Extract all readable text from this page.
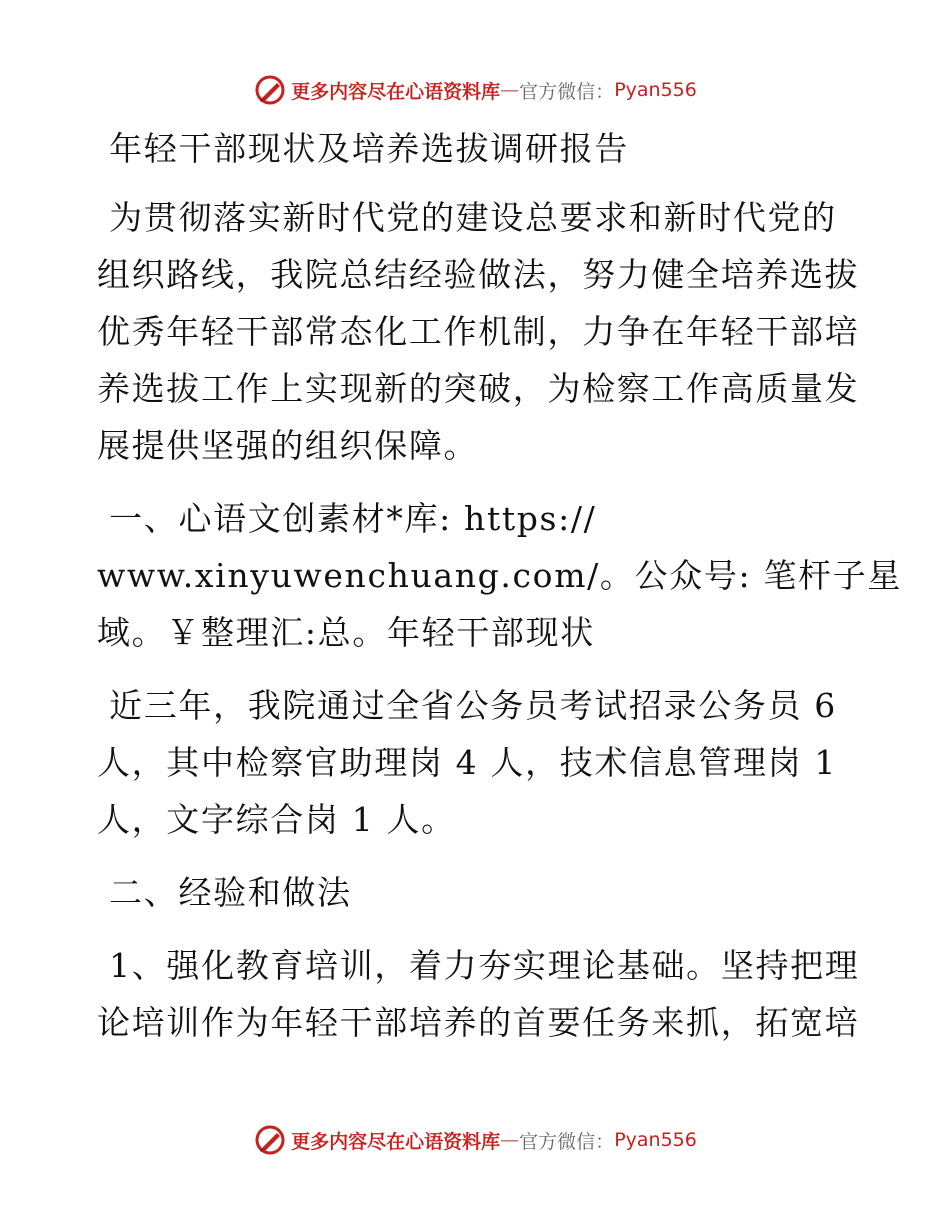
更多内容尽在心语资料库 — 官方微信： Pyan556
年轻干部现状及培养选拔调研报告
为贯彻落实新时代党的建设总要求和新时代党的
组织路线，我院总结经验做法，努力健全培养选拔
优秀年轻干部常态化工作机制，力争在年轻干部培
养选拔工作上实现新的突破，为检察工作高质量发
展提供坚强的组织保障。
一、心语文创素材*库: https://
www.xinyuwenchuang.com/。公众号: 笔杆子星
域。￥整理汇:总。年轻干部现状
近三年，我院通过全省公务员考试招录公务员 6
人，其中检察官助理岗 4 人，技术信息管理岗 1
人，文字综合岗 1 人。
二、经验和做法
1、强化教育培训，着力夯实理论基础。坚持把理
论培训作为年轻干部培养的首要任务来抓，拓宽培
更多内容尽在心语资料库 — 官方微信： Pyan556
